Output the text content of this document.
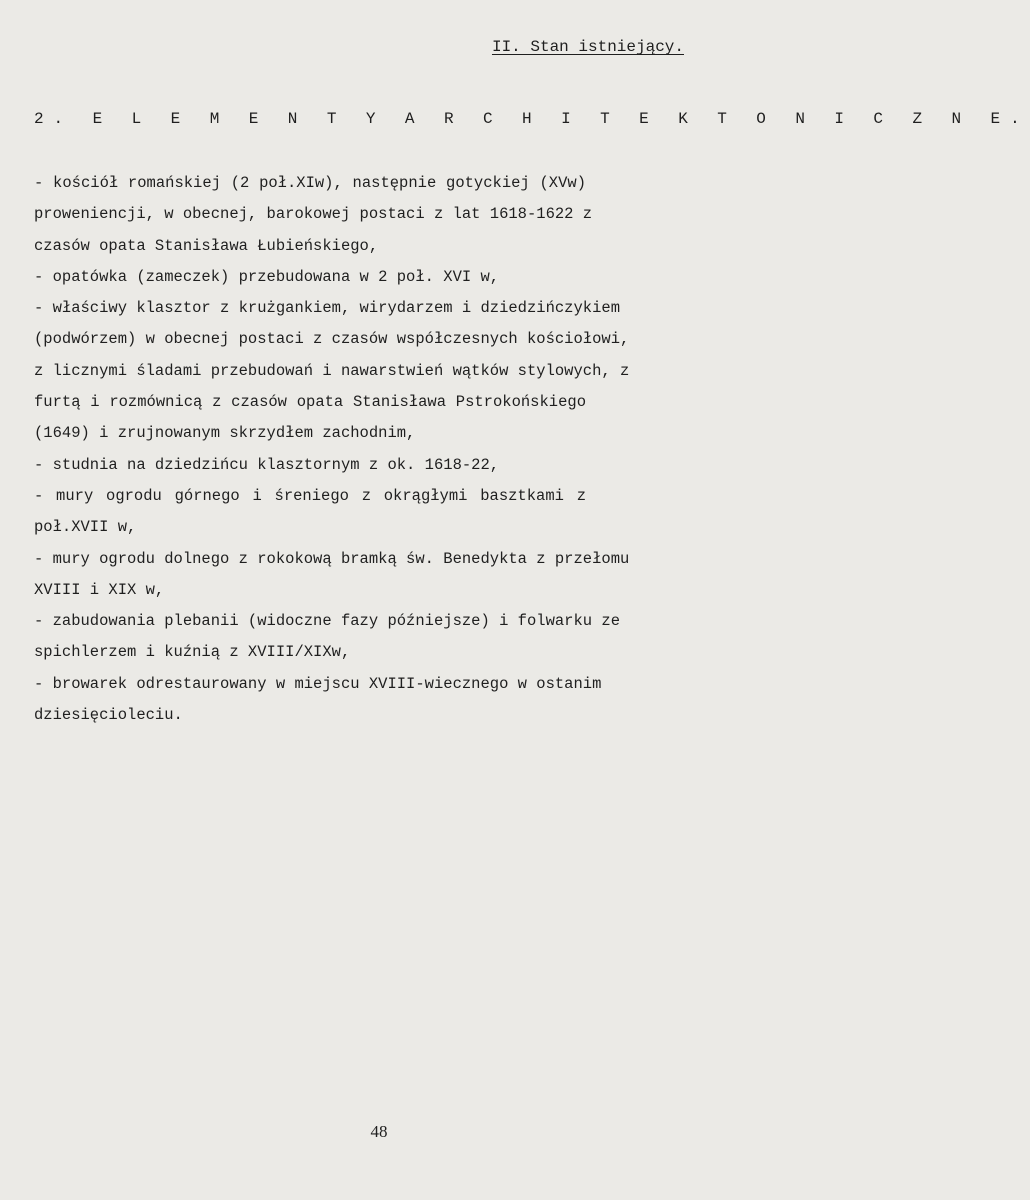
II. Stan istniejący.
2. E L E M E N T Y A R C H I T E K T O N I C Z N E.
- kościół romańskiej (2 poł.XIw), następnie gotyckiej (XVw)
proweniencji, w obecnej, barokowej postaci z lat 1618-1622 z
czasów opata Stanisława Łubieńskiego,
- opatówka (zameczek) przebudowana w 2 poł. XVI w,
- właściwy klasztor z krużgankiem, wirydarzem i dziedzińczykiem
(podwórzem) w obecnej postaci z czasów współczesnych kościołowi,
z licznymi śladami przebudowań i nawarstwień wątków stylowych, z
furtą i rozmównicą z czasów opata Stanisława Pstrokońskiego
(1649) i zrujnowanym skrzydłem zachodnim,
- studnia na dziedzińcu klasztornym z ok. 1618-22,
- mury ogrodu górnego i śreniego z okrągłymi basztkami z
poł.XVII w,
- mury ogrodu dolnego z rokokową bramką św. Benedykta z przełomu
XVIII i XIX w,
- zabudowania plebanii (widoczne fazy późniejsze) i folwarku ze
spichlerzem i kuźnią z XVIII/XIXw,
- browarek odrestaurowany w miejscu XVIII-wiecznego w ostanim
dziesięcioleciu.
48
